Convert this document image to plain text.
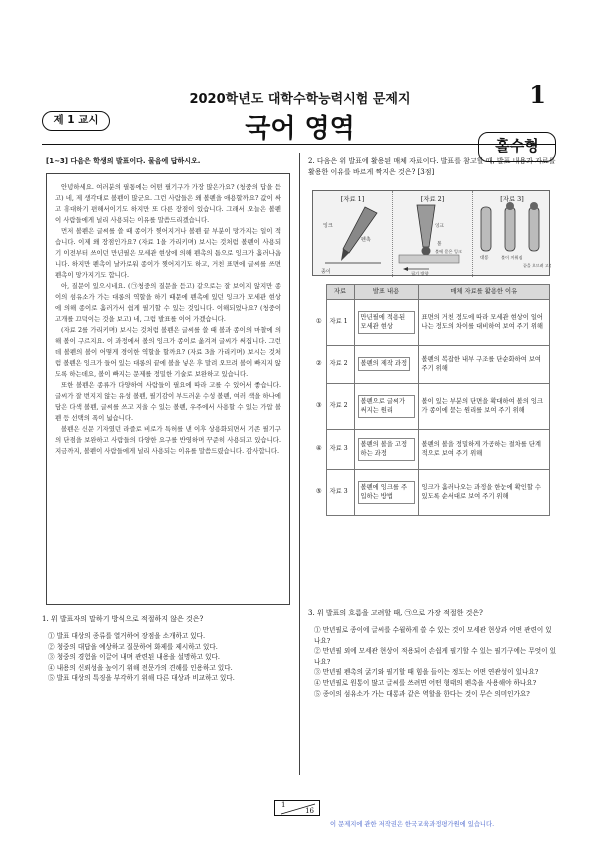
2020학년도 대학수학능력시험 문제지	1
제 1 교시	국어 영역
홀수형
[1~3] 다음은 학생의 발표이다. 물음에 답하시오.

안녕하세요. 여러분의 필통에는 어떤 필기구가 가장 많은가요? (청중의 답을 듣고) 네, 제 생각대로 볼펜이 많군요. 그런 사람들은 왜 볼펜을 애용할까요? 값이 싸고 휴대하기 편해서이기도 하지만 또 다른 장점이 있습니다. 그래서 오늘은 볼펜이 사람들에게 널리 사용되는 이유를 말씀드리겠습니다.

먼저 볼펜은 글씨를 쓸 때 종이가 찢어지거나 볼펜 끝 부분이 망가지는 일이 적습니다. 이제 왜 장점인가요? (자료 1을 가리키며) 보시는 것처럼 볼펜이 사용되기 이전부터 쓰이던 만년필은 모세관 현상에 의해 펜촉의 틈으로 잉크가 흘러나옵니다. 하지만 펜촉이 날카로워 종이가 찢어지기도 하고, 거친 표면에 글씨를 쓰면 펜촉이 망가지기도 합니다.

아, 질문이 있으시네요. (㉠청중의 질문을 듣고) 같으로는 잘 보이지 않지만 종이의 섬유소가 가는 대롱의 역할을 하기 때문에 펜촉에 있던 잉크가 모세관 현상에 의해 종이로 흘러가서 쉽게 필기할 수 있는 것입니다. 이해되었나요? (청중이 고개를 끄덕이는 것을 보고) 네, 그럼 발표를 이어 가겠습니다.

(자료 2를 가리키며) 보시는 것처럼 볼펜은 글씨를 쓸 때 볼과 종이의 마찰에 의해 볼이 구르지요. 이 과정에서 볼의 잉크가 종이로 옮겨져 글씨가 써집니다. 그런데 볼펜의 볼이 어떻게 경이한 역할을 할까요? (자료 3을 가리키며) 보시는 것처럼 볼펜은 잉크가 들어 있는 대롱의 끝에 볼을 넣은 후 말려 오므려 볼이 빠지지 않도록 하는데요, 볼이 빠지는 문제를 정밀한 기술로 보완하고 있습니다.

또한 볼펜은 종류가 다양하여 사람들이 필요에 따라 고를 수 있어서 좋습니다. 글씨가 잘 번지지 않는 유성 볼펜, 필기감이 부드러운 수성 볼펜, 여러 색을 하나에 담은 다색 볼펜, 글씨를 쓰고 지울 수 있는 볼펜, 우주에서 사용할 수 있는 가압 볼펜 등 선택의 폭이 넓습니다.

볼펜은 신문 기자였던 라즐로 비로가 특허를 낸 이후 상용화되면서 기존 필기구의 단점을 보완하고 사람들의 다양한 요구를 반영하며 꾸준히 사용되고 있습니다. 지금까지, 볼펜이 사람들에게 널리 사용되는 이유를 말씀드렸습니다. 감사합니다.

1. 위 발표자의 말하기 방식으로 적절하지 않은 것은?
① 발표 대상의 종류를 열거하여 장점을 소개하고 있다.
② 청중의 대답을 예상하고 질문하여 화제를 제시하고 있다.
③ 청중의 경험을 이끌어 내며 관련된 내용을 설명하고 있다.
④ 내용의 신뢰성을 높이기 위해 전문가의 견해를 인용하고 있다.
⑤ 발표 대상의 특징을 부각하기 위해 다른 대상과 비교하고 있다.
2. 다음은 위 발표에 활용된 매체 자료이다. 발표를 참고할 때, 발표 내용과 자료를 활용한 이유를 바르게 짝지은 것은? [3점]
[자료 1]
잉크
펜촉
종이
[자료 2]
잉크
볼
볼에 묻은 잉크
필기 방향
[자료 3]
대롱	볼이 끼워짐
끝을 오므려 고정
	자료	발표 내용	매체 자료를 활용한 이유
①	자료 1	만년필에 적용된 모세관 현상	표면의 거친 정도에 따라 모세관 현상이 일어나는 정도의 차이를 대비하여 보여 주기 위해
②	자료 2	볼펜의 제작 과정	볼펜의 복잡한 내부 구조를 단순화하여 보여 주기 위해
③	자료 2	볼펜으로 글씨가 써지는 원리	볼이 있는 부분의 단면을 확대하여 볼의 잉크가 종이에 묻는 원리를 보여 주기 위해
④	자료 3	볼펜의 볼을 고정하는 과정	볼펜의 볼을 정밀하게 가공하는 절차를 단계적으로 보여 주기 위해
⑤	자료 3	볼펜에 잉크를 주입하는 방법	잉크가 흘러나오는 과정을 한눈에 확인할 수 있도록 순서대로 보여 주기 위해
3. 위 발표의 흐름을 고려할 때, ㉠으로 가장 적절한 것은?
① 만년필로 종이에 글씨를 수월하게 쓸 수 있는 것이 모세관 현상과 어떤 관련이 있나요?
② 만년필 외에 모세관 현상이 적용되어 손쉽게 필기할 수 있는 필기구에는 무엇이 있나요?
③ 만년필 펜촉의 굵기와 필기할 때 힘을 들이는 정도는 어떤 연관성이 있나요?
④ 만년필로 원통이 많고 글씨를 쓰려면 어떤 형태의 펜촉을 사용해야 하나요?
⑤ 종이의 섬유소가 가는 대롱과 같은 역할을 한다는 것이 무슨 의미인가요?
1
16
이 문제지에 관한 저작권은 한국교육과정평가원에 있습니다.
